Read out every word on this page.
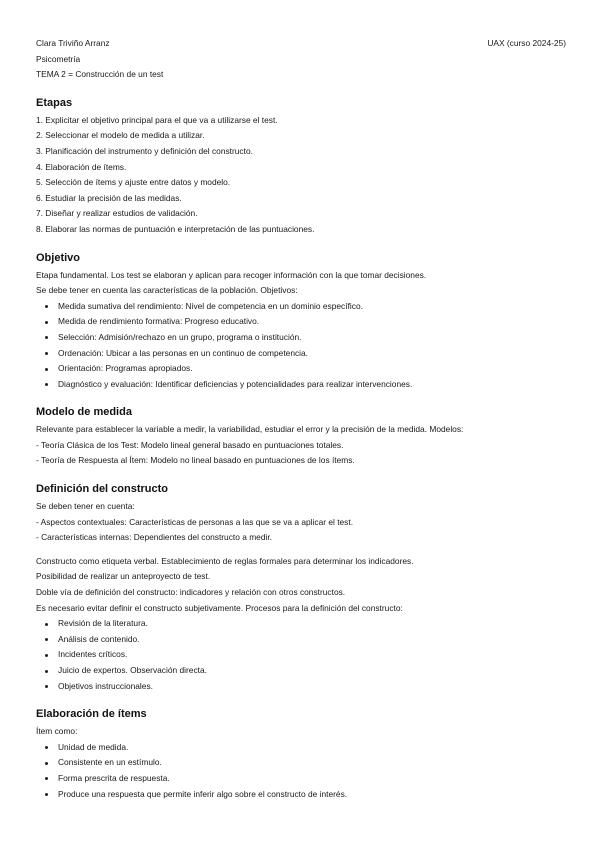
Clara Triviño Arranz	UAX (curso 2024-25)
Psicometría
TEMA 2 = Construcción de un test
Etapas
1. Explicitar el objetivo principal para el que va a utilizarse el test.
2. Seleccionar el modelo de medida a utilizar.
3. Planificación del instrumento y definición del constructo.
4. Elaboración de ítems.
5. Selección de ítems y ajuste entre datos y modelo.
6. Estudiar la precisión de las medidas.
7. Diseñar y realizar estudios de validación.
8. Elaborar las normas de puntuación e interpretación de las puntuaciones.
Objetivo
Etapa fundamental. Los test se elaboran y aplican para recoger información con la que tomar decisiones.
Se debe tener en cuenta las características de la población. Objetivos:
Medida sumativa del rendimiento: Nivel de competencia en un dominio específico.
Medida de rendimiento formativa: Progreso educativo.
Selección: Admisión/rechazo en un grupo, programa o institución.
Ordenación: Ubicar a las personas en un continuo de competencia.
Orientación: Programas apropiados.
Diagnóstico y evaluación: Identificar deficiencias y potencialidades para realizar intervenciones.
Modelo de medida
Relevante para establecer la variable a medir, la variabilidad, estudiar el error y la precisión de la medida. Modelos:
- Teoría Clásica de los Test: Modelo lineal general basado en puntuaciones totales.
- Teoría de Respuesta al Ítem: Modelo no lineal basado en puntuaciones de los ítems.
Definición del constructo
Se deben tener en cuenta:
- Aspectos contextuales: Características de personas a las que se va a aplicar el test.
- Características internas: Dependientes del constructo a medir.
Constructo como etiqueta verbal. Establecimiento de reglas formales para determinar los indicadores.
Posibilidad de realizar un anteproyecto de test.
Doble vía de definición del constructo: indicadores y relación con otros constructos.
Es necesario evitar definir el constructo subjetivamente. Procesos para la definición del constructo:
Revisión de la literatura.
Análisis de contenido.
Incidentes críticos.
Juicio de expertos. Observación directa.
Objetivos instruccionales.
Elaboración de ítems
Ítem como:
Unidad de medida.
Consistente en un estímulo.
Forma prescrita de respuesta.
Produce una respuesta que permite inferir algo sobre el constructo de interés.
